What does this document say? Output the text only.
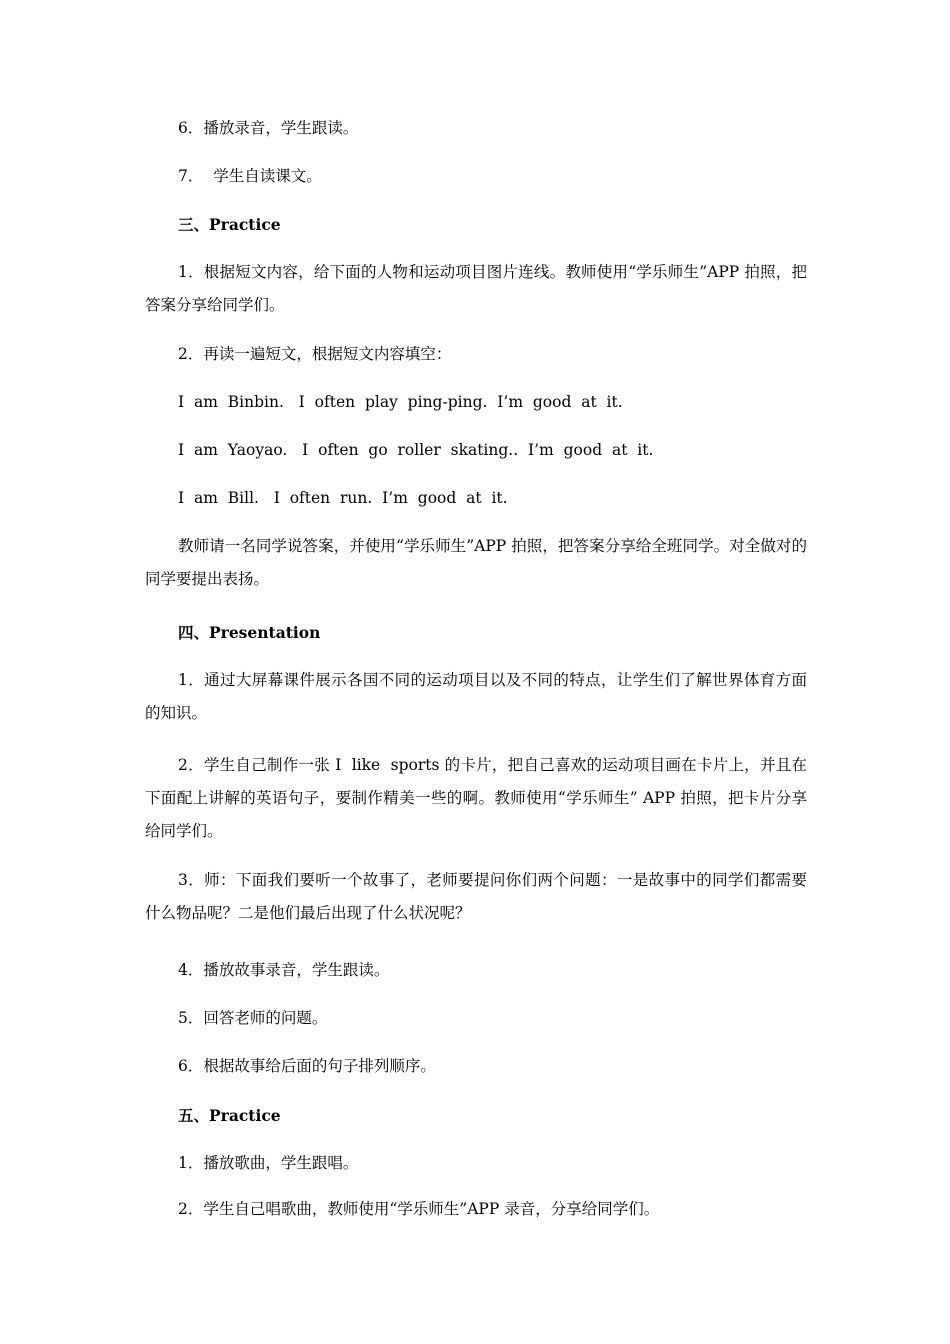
6．播放录音，学生跟读。
7．  学生自读课文。
三、Practice
1．根据短文内容，给下面的人物和运动项目图片连线。教师使用“学乐师生”APP 拍照，把答案分享给同学们。
2．再读一遍短文，根据短文内容填空：
I  am  Binbin.   I  often  play  ping-ping.  I’m  good  at  it.
I  am  Yaoyao.   I  often  go  roller  skating..  I’m  good  at  it.
I  am  Bill.   I  often  run.  I’m  good  at  it.
教师请一名同学说答案，并使用“学乐师生”APP 拍照，把答案分享给全班同学。对全做对的同学要提出表扬。
四、Presentation
1．通过大屏幕课件展示各国不同的运动项目以及不同的特点，让学生们了解世界体育方面的知识。
2．学生自己制作一张 I  like  sports 的卡片，把自己喜欢的运动项目画在卡片上，并且在下面配上讲解的英语句子，要制作精美一些的啊。教师使用“学乐师生” APP 拍照，把卡片分享给同学们。
3．师：下面我们要听一个故事了，老师要提问你们两个问题：一是故事中的同学们都需要什么物品呢？二是他们最后出现了什么状况呢？
4．播放故事录音，学生跟读。
5．回答老师的问题。
6．根据故事给后面的句子排列顺序。
五、Practice
1．播放歌曲，学生跟唱。
2．学生自己唱歌曲，教师使用“学乐师生”APP 录音，分享给同学们。
